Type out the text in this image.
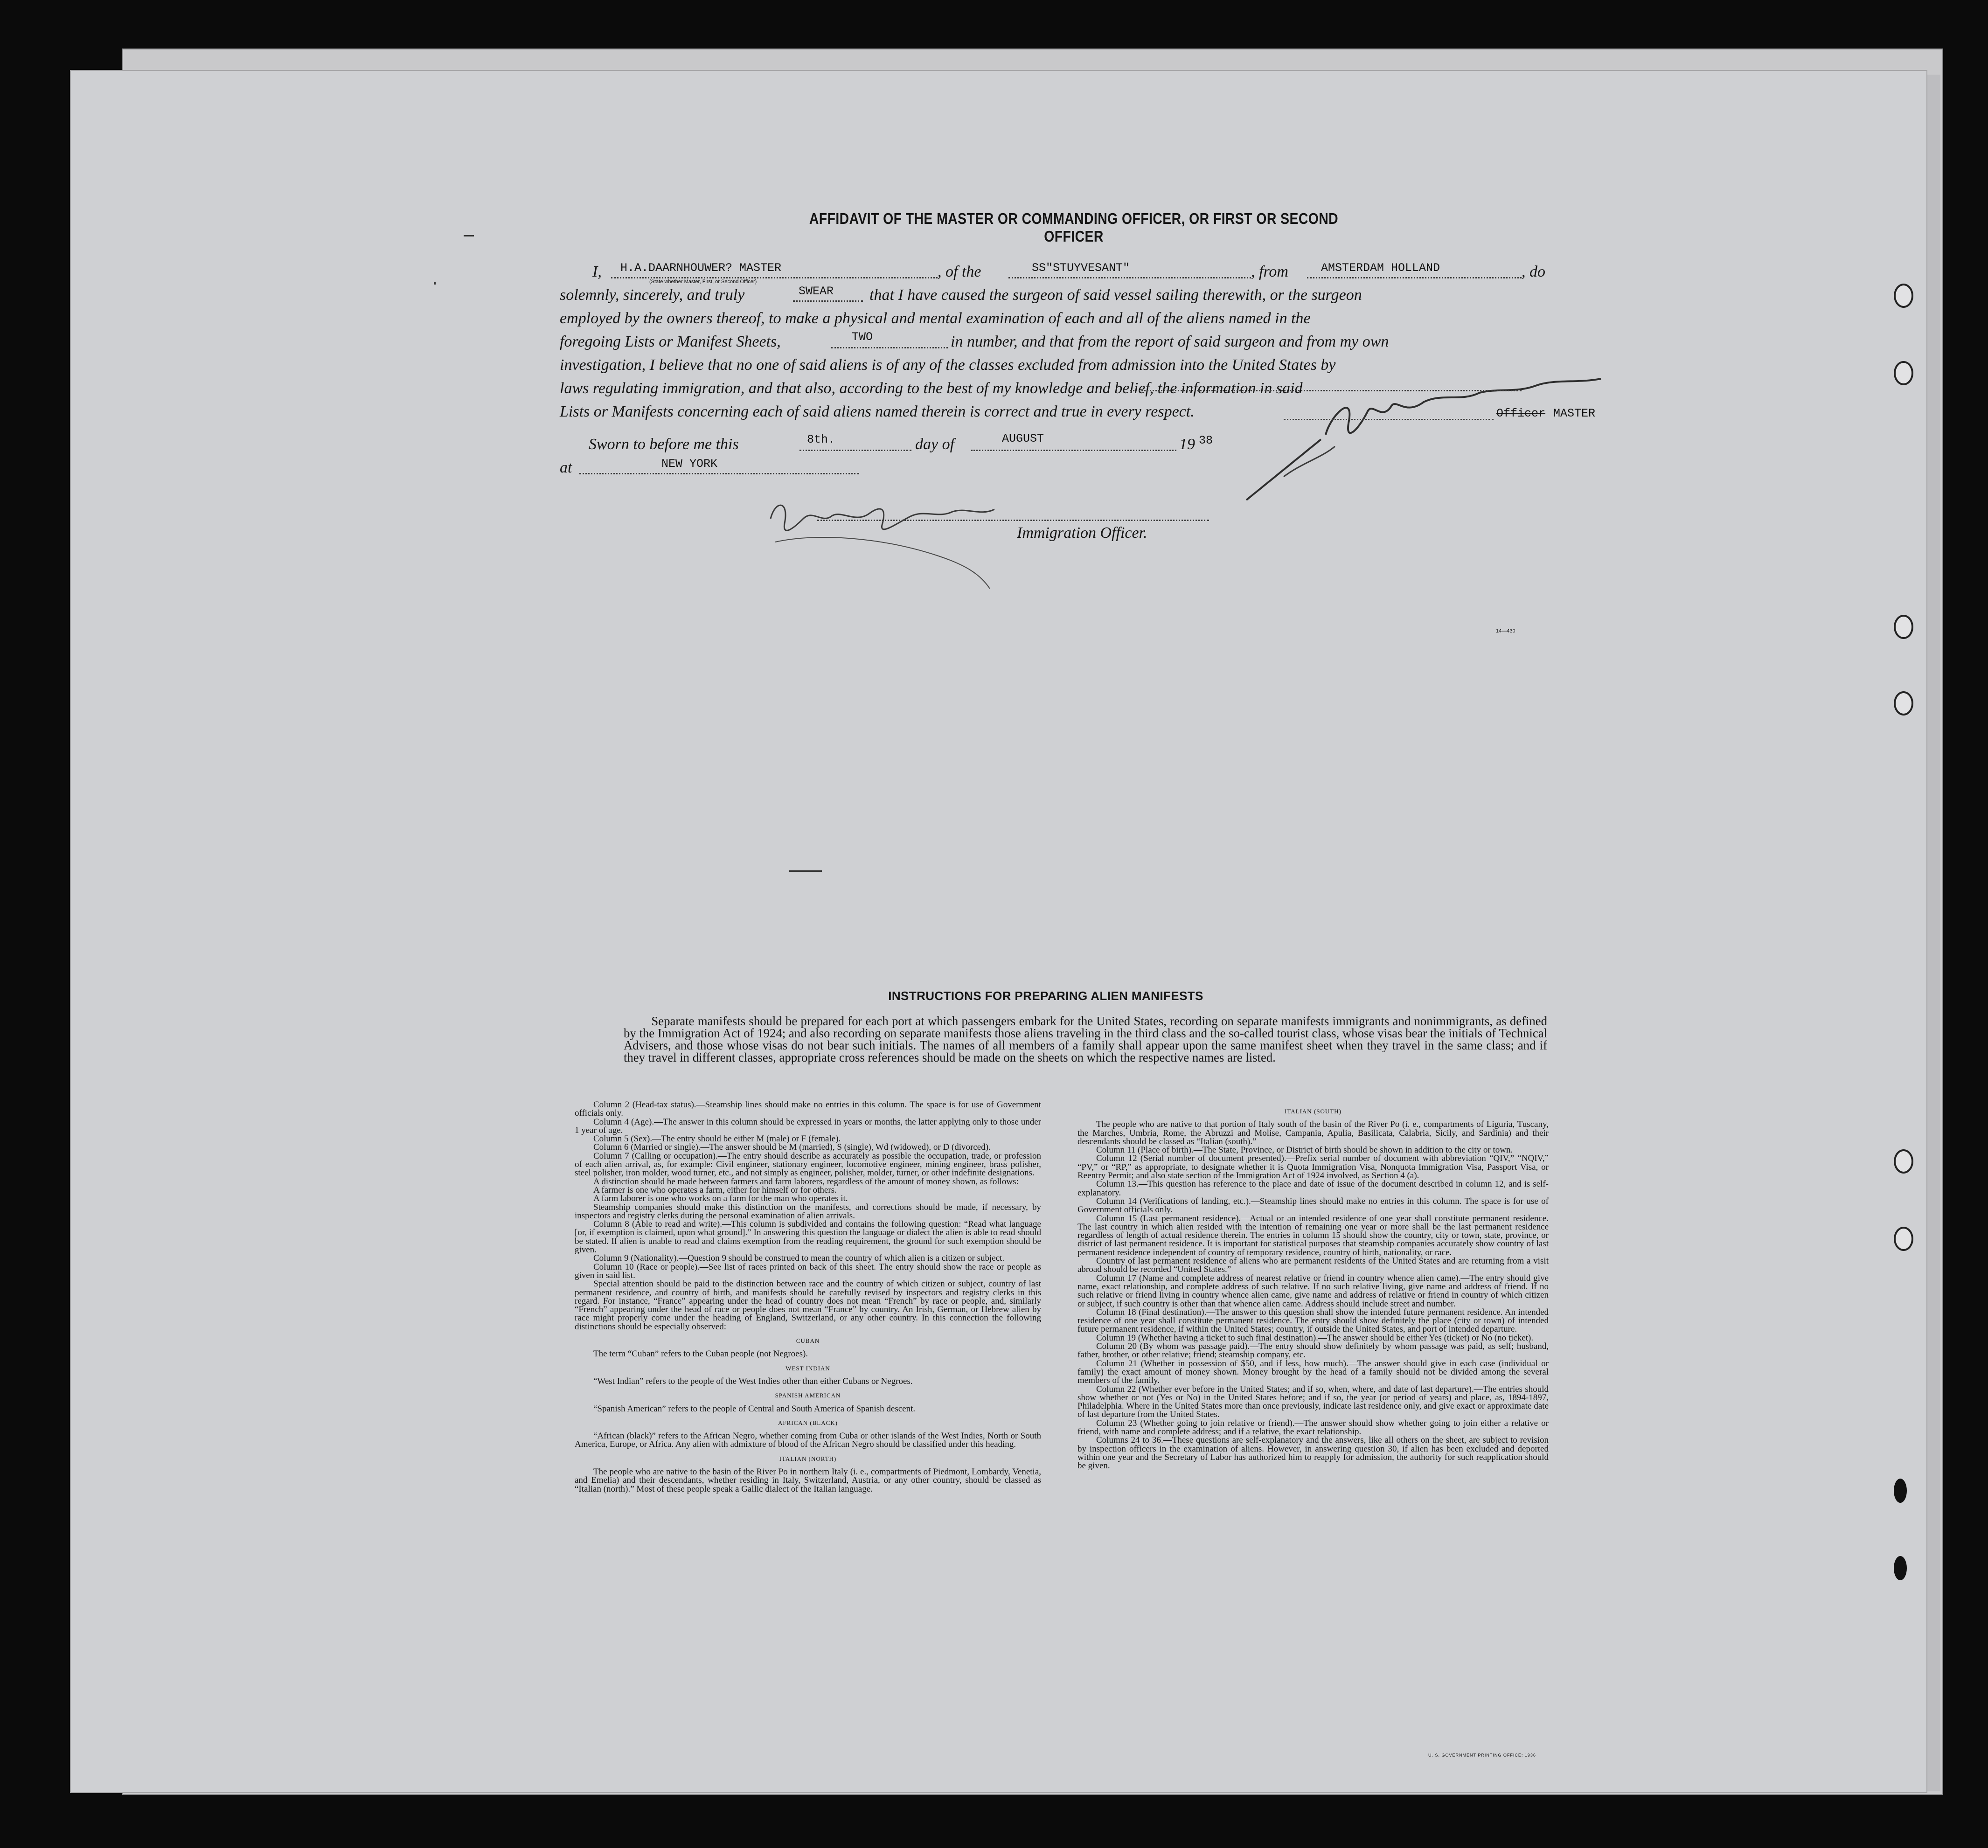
AFFIDAVIT OF THE MASTER OR COMMANDING OFFICER, OR FIRST OR SECOND OFFICER
I, H.A.DAARNHOUWER? MASTER
(State whether Master, First, or Second Officer)
, of the	SS"STUYVESANT"	, from	AMSTERDAM HOLLAND	, do
solemnly, sincerely, and truly	SWEAR that I have caused the surgeon of said vessel sailing therewith, or the surgeon
employed by the owners thereof, to make a physical and mental examination of each and all of the aliens named in the
foregoing Lists or Manifest Sheets,	TWO	in number, and that from the report of said surgeon and from my own
investigation, I believe that no one of said aliens is of any of the classes excluded from admission into the United States by
laws regulating immigration, and that also, according to the best of my knowledge and belief, the information in said
Lists or Manifests concerning each of said aliens named therein is correct and true in every respect.	Officer MASTER
Sworn to before me this	8th.	day of	AUGUST	19 38
at	NEW YORK
Immigration Officer.
14—430
INSTRUCTIONS FOR PREPARING ALIEN MANIFESTS
Separate manifests should be prepared for each port at which passengers embark for the United States, recording on separate manifests immigrants and nonimmigrants, as defined by the Immigration Act of 1924; and also recording on separate manifests those aliens traveling in the third class and the so-called tourist class, whose visas bear the initials of Technical Advisers, and those whose visas do not bear such initials. The names of all members of a family shall appear upon the same manifest sheet when they travel in the same class; and if they travel in different classes, appropriate cross references should be made on the sheets on which the respective names are listed.

Column 2 (Head-tax status).—Steamship lines should make no entries in this column. The space is for use of Government officials only.

Column 4 (Age).—The answer in this column should be expressed in years or months, the latter applying only to those under 1 year of age.

Column 5 (Sex).—The entry should be either M (male) or F (female).

Column 6 (Married or single).—The answer should be M (married), S (single), Wd (widowed), or D (divorced).

Column 7 (Calling or occupation).—The entry should describe as accurately as possible the occupation, trade, or profession of each alien arrival, as, for example: Civil engineer, stationary engineer, locomotive engineer, mining engineer, brass polisher, steel polisher, iron molder, wood turner, etc., and not simply as engineer, polisher, molder, turner, or other indefinite designations.

A distinction should be made between farmers and farm laborers, regardless of the amount of money shown, as follows:

A farmer is one who operates a farm, either for himself or for others.

A farm laborer is one who works on a farm for the man who operates it.

Steamship companies should make this distinction on the manifests, and corrections should be made, if necessary, by inspectors and registry clerks during the personal examination of alien arrivals.

Column 8 (Able to read and write).—This column is subdivided and contains the following question: “Read what language [or, if exemption is claimed, upon what ground].” In answering this question the language or dialect the alien is able to read should be stated. If alien is unable to read and claims exemption from the reading requirement, the ground for such exemption should be given.

Column 9 (Nationality).—Question 9 should be construed to mean the country of which alien is a citizen or subject.

Column 10 (Race or people).—See list of races printed on back of this sheet. The entry should show the race or people as given in said list.

Special attention should be paid to the distinction between race and the country of which citizen or subject, country of last permanent residence, and country of birth, and manifests should be carefully revised by inspectors and registry clerks in this regard. For instance, “France” appearing under the head of country does not mean “French” by race or people, and, similarly “French” appearing under the head of race or people does not mean “France” by country. An Irish, German, or Hebrew alien by race might properly come under the heading of England, Switzerland, or any other country. In this connection the following distinctions should be especially observed:

CUBAN

The term “Cuban” refers to the Cuban people (not Negroes).

WEST INDIAN

“West Indian” refers to the people of the West Indies other than either Cubans or Negroes.

SPANISH AMERICAN

“Spanish American” refers to the people of Central and South America of Spanish descent.

AFRICAN (BLACK)

“African (black)” refers to the African Negro, whether coming from Cuba or other islands of the West Indies, North or South America, Europe, or Africa. Any alien with admixture of blood of the African Negro should be classified under this heading.

ITALIAN (NORTH)

The people who are native to the basin of the River Po in northern Italy (i. e., compartments of Piedmont, Lombardy, Venetia, and Emelia) and their descendants, whether residing in Italy, Switzerland, Austria, or any other country, should be classed as “Italian (north).” Most of these people speak a Gallic dialect of the Italian language.

ITALIAN (SOUTH)

The people who are native to that portion of Italy south of the basin of the River Po (i. e., compartments of Liguria, Tuscany, the Marches, Umbria, Rome, the Abruzzi and Molise, Campania, Apulia, Basilicata, Calabria, Sicily, and Sardinia) and their descendants should be classed as “Italian (south).”

Column 11 (Place of birth).—The State, Province, or District of birth should be shown in addition to the city or town.

Column 12 (Serial number of document presented).—Prefix serial number of document with abbreviation “QIV,” “NQIV,” “PV,” or “RP,” as appropriate, to designate whether it is Quota Immigration Visa, Nonquota Immigration Visa, Passport Visa, or Reentry Permit; and also state section of the Immigration Act of 1924 involved, as Section 4 (a).

Column 13.—This question has reference to the place and date of issue of the document described in column 12, and is self-explanatory.

Column 14 (Verifications of landing, etc.).—Steamship lines should make no entries in this column. The space is for use of Government officials only.

Column 15 (Last permanent residence).—Actual or an intended residence of one year shall constitute permanent residence. The last country in which alien resided with the intention of remaining one year or more shall be the last permanent residence regardless of length of actual residence therein. The entries in column 15 should show the country, city or town, state, province, or district of last permanent residence. It is important for statistical purposes that steamship companies accurately show country of last permanent residence independent of country of temporary residence, country of birth, nationality, or race.

Country of last permanent residence of aliens who are permanent residents of the United States and are returning from a visit abroad should be recorded “United States.”

Column 17 (Name and complete address of nearest relative or friend in country whence alien came).—The entry should give name, exact relationship, and complete address of such relative. If no such relative living, give name and address of friend. If no such relative or friend living in country whence alien came, give name and address of relative or friend in country of which citizen or subject, if such country is other than that whence alien came. Address should include street and number.

Column 18 (Final destination).—The answer to this question shall show the intended future permanent residence. An intended residence of one year shall constitute permanent residence. The entry should show definitely the place (city or town) of intended future permanent residence, if within the United States; country, if outside the United States, and port of intended departure.

Column 19 (Whether having a ticket to such final destination).—The answer should be either Yes (ticket) or No (no ticket).

Column 20 (By whom was passage paid).—The entry should show definitely by whom passage was paid, as self; husband, father, brother, or other relative; friend; steamship company, etc.

Column 21 (Whether in possession of $50, and if less, how much).—The answer should give in each case (individual or family) the exact amount of money shown. Money brought by the head of a family should not be divided among the several members of the family.

Column 22 (Whether ever before in the United States; and if so, when, where, and date of last departure).—The entries should show whether or not (Yes or No) in the United States before; and if so, the year (or period of years) and place, as, 1894-1897, Philadelphia. Where in the United States more than once previously, indicate last residence only, and give exact or approximate date of last departure from the United States.

Column 23 (Whether going to join relative or friend).—The answer should show whether going to join either a relative or friend, with name and complete address; and if a relative, the exact relationship.

Columns 24 to 36.—These questions are self-explanatory and the answers, like all others on the sheet, are subject to revision by inspection officers in the examination of aliens. However, in answering question 30, if alien has been excluded and deported within one year and the Secretary of Labor has authorized him to reapply for admission, the authority for such reapplication should be given.

U. S. GOVERNMENT PRINTING OFFICE: 1936
